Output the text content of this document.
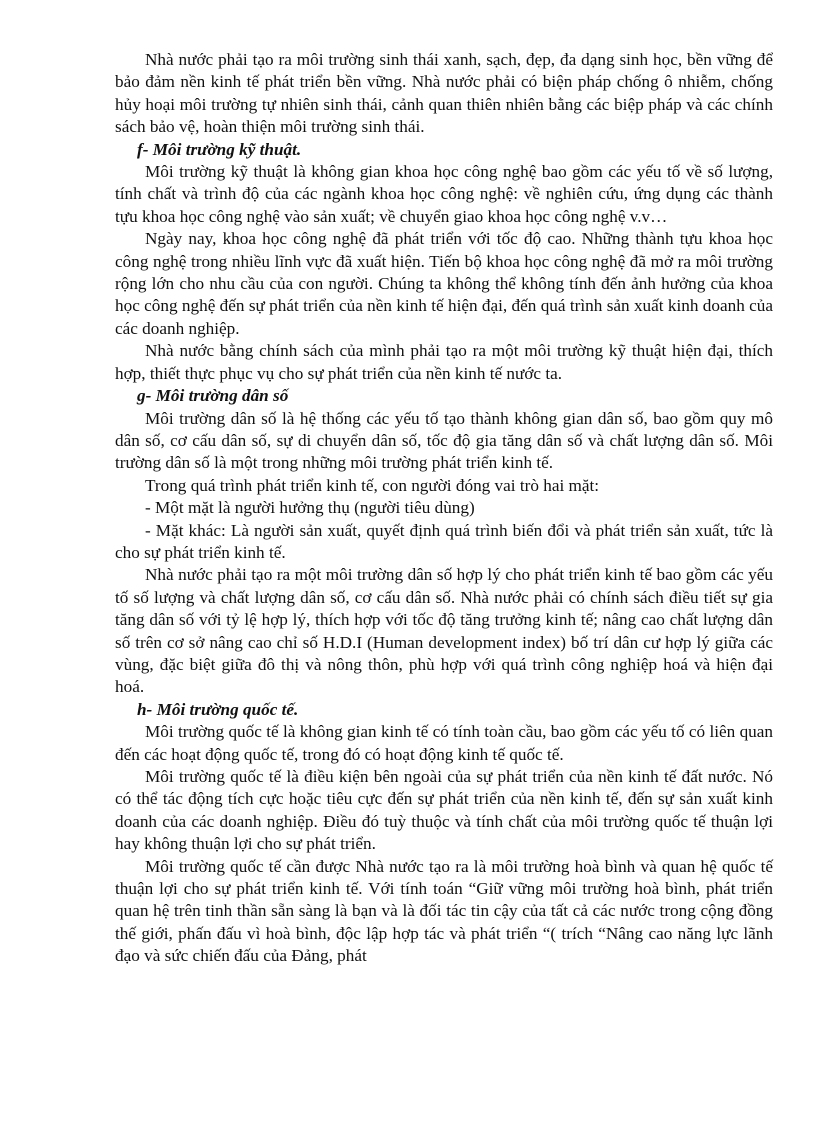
Nhà nước phải tạo ra môi trường sinh thái xanh, sạch, đẹp, đa dạng sinh học, bền vững để bảo đảm nền kinh tế phát triển bền vững. Nhà nước phải có biện pháp chống ô nhiễm, chống hủy hoại môi trường tự nhiên sinh thái, cảnh quan thiên nhiên bằng các biệp pháp và các chính sách bảo vệ, hoàn thiện môi trường sinh thái.

f- Môi trường kỹ thuật.

Môi trường kỹ thuật là không gian khoa học công nghệ bao gồm các yếu tố về số lượng, tính chất và trình độ của các ngành khoa học công nghệ: về nghiên cứu, ứng dụng các thành tựu khoa học công nghệ vào sản xuất; về chuyển giao khoa học công nghệ v.v…

Ngày nay, khoa học công nghệ đã phát triển với tốc độ cao. Những thành tựu khoa học công nghệ trong nhiều lĩnh vực đã xuất hiện. Tiến bộ khoa học công nghệ đã mở ra môi trường rộng lớn cho nhu cầu của con người. Chúng ta không thể không tính đến ảnh hưởng của khoa học công nghệ đến sự phát triển của nền kinh tế hiện đại, đến quá trình sản xuất kinh doanh của các doanh nghiệp.

Nhà nước bằng chính sách của mình phải tạo ra một môi trường kỹ thuật hiện đại, thích hợp, thiết thực phục vụ cho sự phát triển của nền kinh tế nước ta.

g- Môi trường dân số

Môi trường dân số là hệ thống các yếu tố tạo thành không gian dân số, bao gồm quy mô dân số, cơ cấu dân số, sự di chuyển dân số, tốc độ gia tăng dân số và chất lượng dân số. Môi trường dân số là một trong những môi trường phát triển kinh tế.

Trong quá trình phát triển kinh tế, con người đóng vai trò hai mặt:

- Một mặt là người hưởng thụ (người tiêu dùng)

- Mặt khác: Là người sản xuất, quyết định quá trình biến đổi và phát triển sản xuất, tức là cho sự phát triển kinh tế.

Nhà nước phải tạo ra một môi trường dân số hợp lý cho phát triển kinh tế bao gồm các yếu tố số lượng và chất lượng dân số, cơ cấu dân số. Nhà nước phải có chính sách điều tiết sự gia tăng dân số với tỷ lệ hợp lý, thích hợp với tốc độ tăng trưởng kinh tế; nâng cao chất lượng dân số trên cơ sở nâng cao chỉ số H.D.I (Human development index) bố trí dân cư hợp lý giữa các vùng, đặc biệt giữa đô thị và nông thôn, phù hợp với quá trình công nghiệp hoá và hiện đại hoá.

h- Môi trường quốc tế.

Môi trường quốc tế là không gian kinh tế có tính toàn cầu, bao gồm các yếu tố có liên quan đến các hoạt động quốc tế, trong đó có hoạt động kinh tế quốc tế.

Môi trường quốc tế là điều kiện bên ngoài của sự phát triển của nền kinh tế đất nước. Nó có thể tác động tích cực hoặc tiêu cực đến sự phát triển của nền kinh tế, đến sự sản xuất kinh doanh của các doanh nghiệp. Điều đó tuỳ thuộc và tính chất của môi trường quốc tế thuận lợi hay không thuận lợi cho sự phát triển.

Môi trường quốc tế cần được Nhà nước tạo ra là môi trường hoà bình và quan hệ quốc tế thuận lợi cho sự phát triển kinh tế. Với tính toán “Giữ vững môi trường hoà bình, phát triển quan hệ trên tinh thần sẵn sàng là bạn và là đối tác tin cậy của tất cả các nước trong cộng đồng thế giới, phấn đấu vì hoà bình, độc lập hợp tác và phát triển “( trích “Nâng cao năng lực lãnh đạo và sức chiến đấu của Đảng, phát
